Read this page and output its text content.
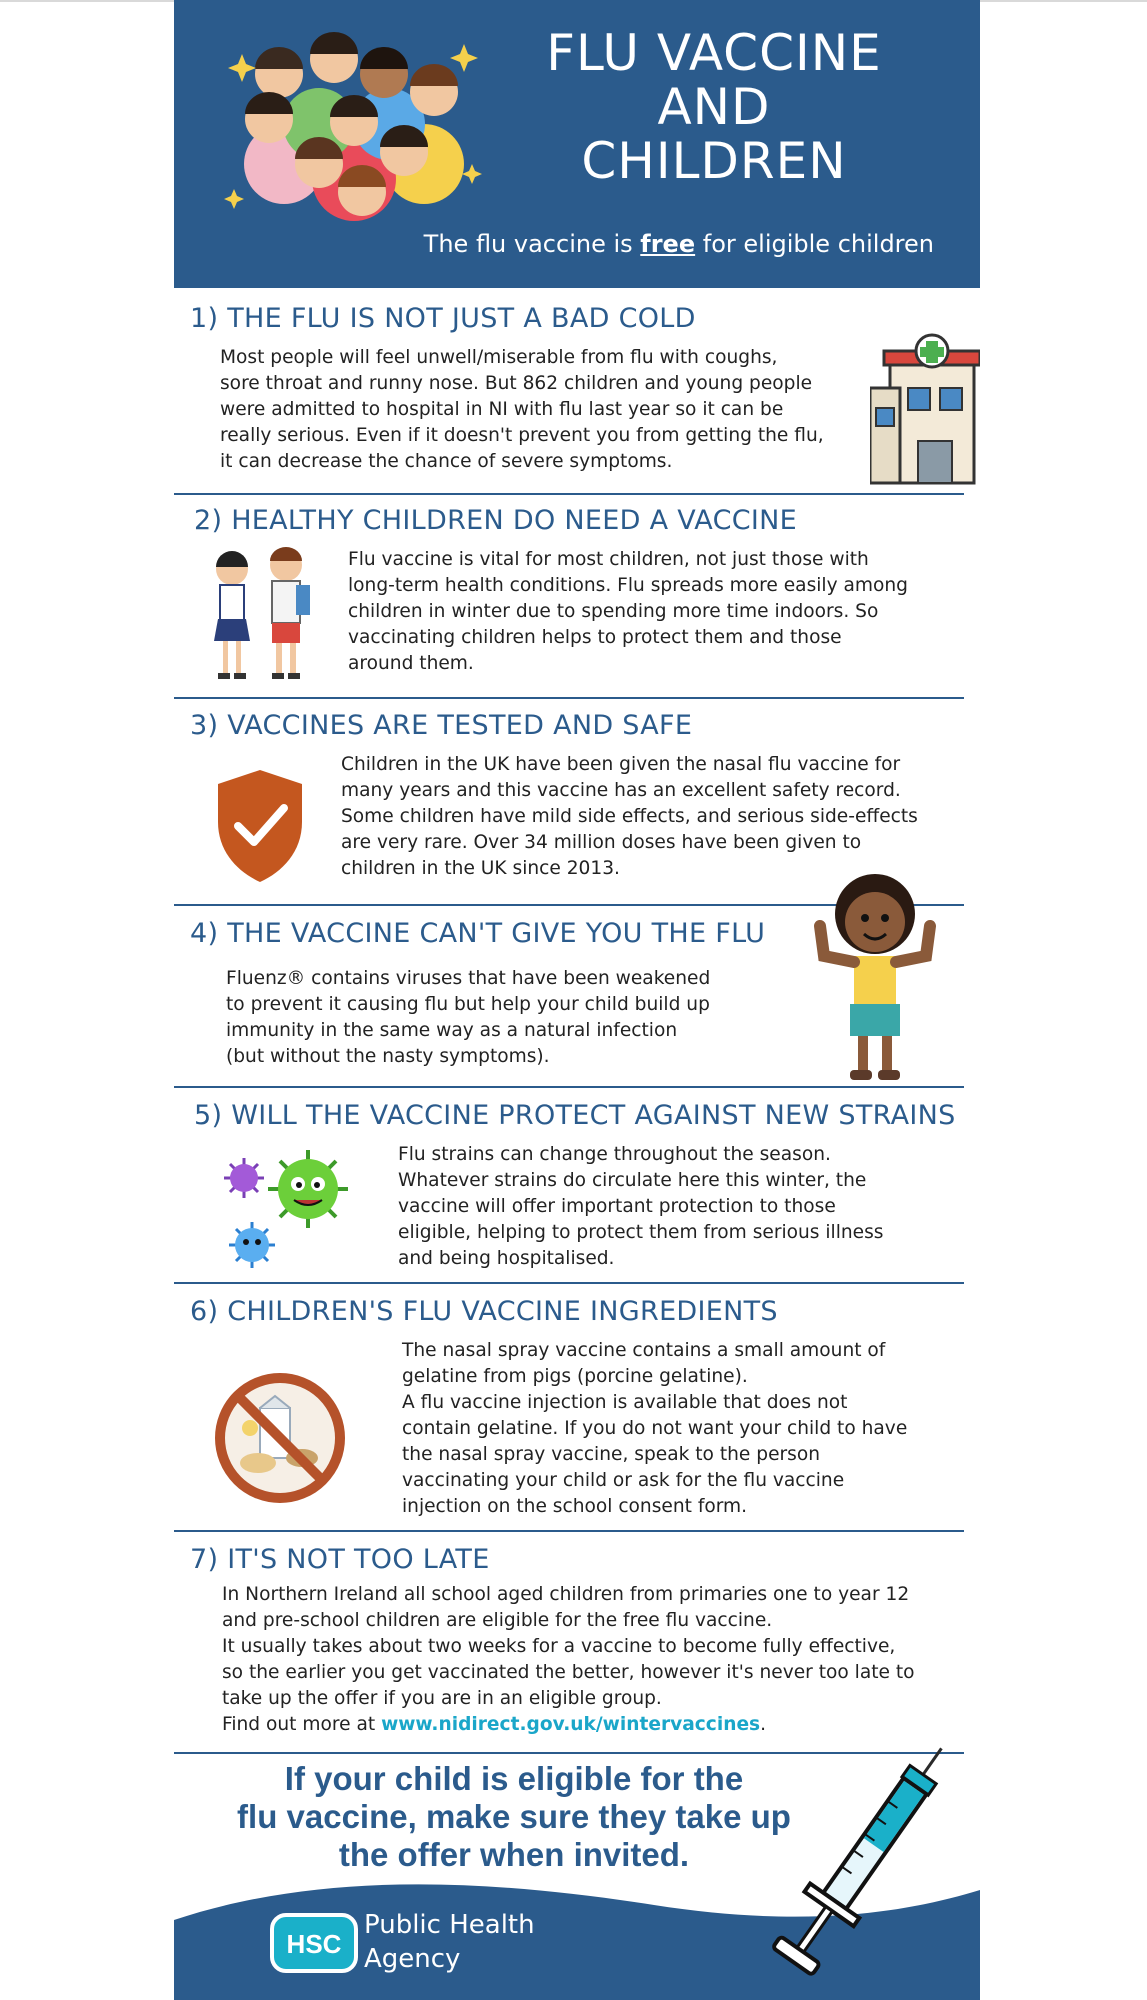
FLU VACCINE
AND
CHILDREN
The flu vaccine is free for eligible children
1) THE FLU IS NOT JUST A BAD COLD

Most people will feel unwell/miserable from flu with coughs,

sore throat and runny nose. But 862 children and young people

were admitted to hospital in NI with flu last year so it can be

really serious. Even if it doesn't prevent you from getting the flu,

it can decrease the chance of severe symptoms.

2) HEALTHY CHILDREN DO NEED A VACCINE

Flu vaccine is vital for most children, not just those with

long-term health conditions. Flu spreads more easily among

children in winter due to spending more time indoors. So

vaccinating children helps to protect them and those

around them.

3) VACCINES ARE TESTED AND SAFE

Children in the UK have been given the nasal flu vaccine for

many years and this vaccine has an excellent safety record.

Some children have mild side effects, and serious side-effects

are very rare. Over 34 million doses have been given to

children in the UK since 2013.

4) THE VACCINE CAN'T GIVE YOU THE FLU

Fluenz® contains viruses that have been weakened

to prevent it causing flu but help your child build up

immunity in the same way as a natural infection

(but without the nasty symptoms).

5) WILL THE VACCINE PROTECT AGAINST NEW STRAINS

Flu strains can change throughout the season.

Whatever strains do circulate here this winter, the

vaccine will offer important protection to those

eligible, helping to protect them from serious illness

and being hospitalised.

6) CHILDREN'S FLU VACCINE INGREDIENTS

The nasal spray vaccine contains a small amount of

gelatine from pigs (porcine gelatine).

A flu vaccine injection is available that does not

contain gelatine. If you do not want your child to have

the nasal spray vaccine, speak to the person

vaccinating your child or ask for the flu vaccine

injection on the school consent form.

7) IT'S NOT TOO LATE

In Northern Ireland all school aged children from primaries one to year 12

and pre-school children are eligible for the free flu vaccine.

It usually takes about two weeks for a vaccine to become fully effective,

so the earlier you get vaccinated the better, however it's never too late to

take up the offer if you are in an eligible group.

Find out more at www.nidirect.gov.uk/wintervaccines.

If your child is eligible for the
flu vaccine, make sure they take up
the offer when invited.
HSC
Public Health
Agency
